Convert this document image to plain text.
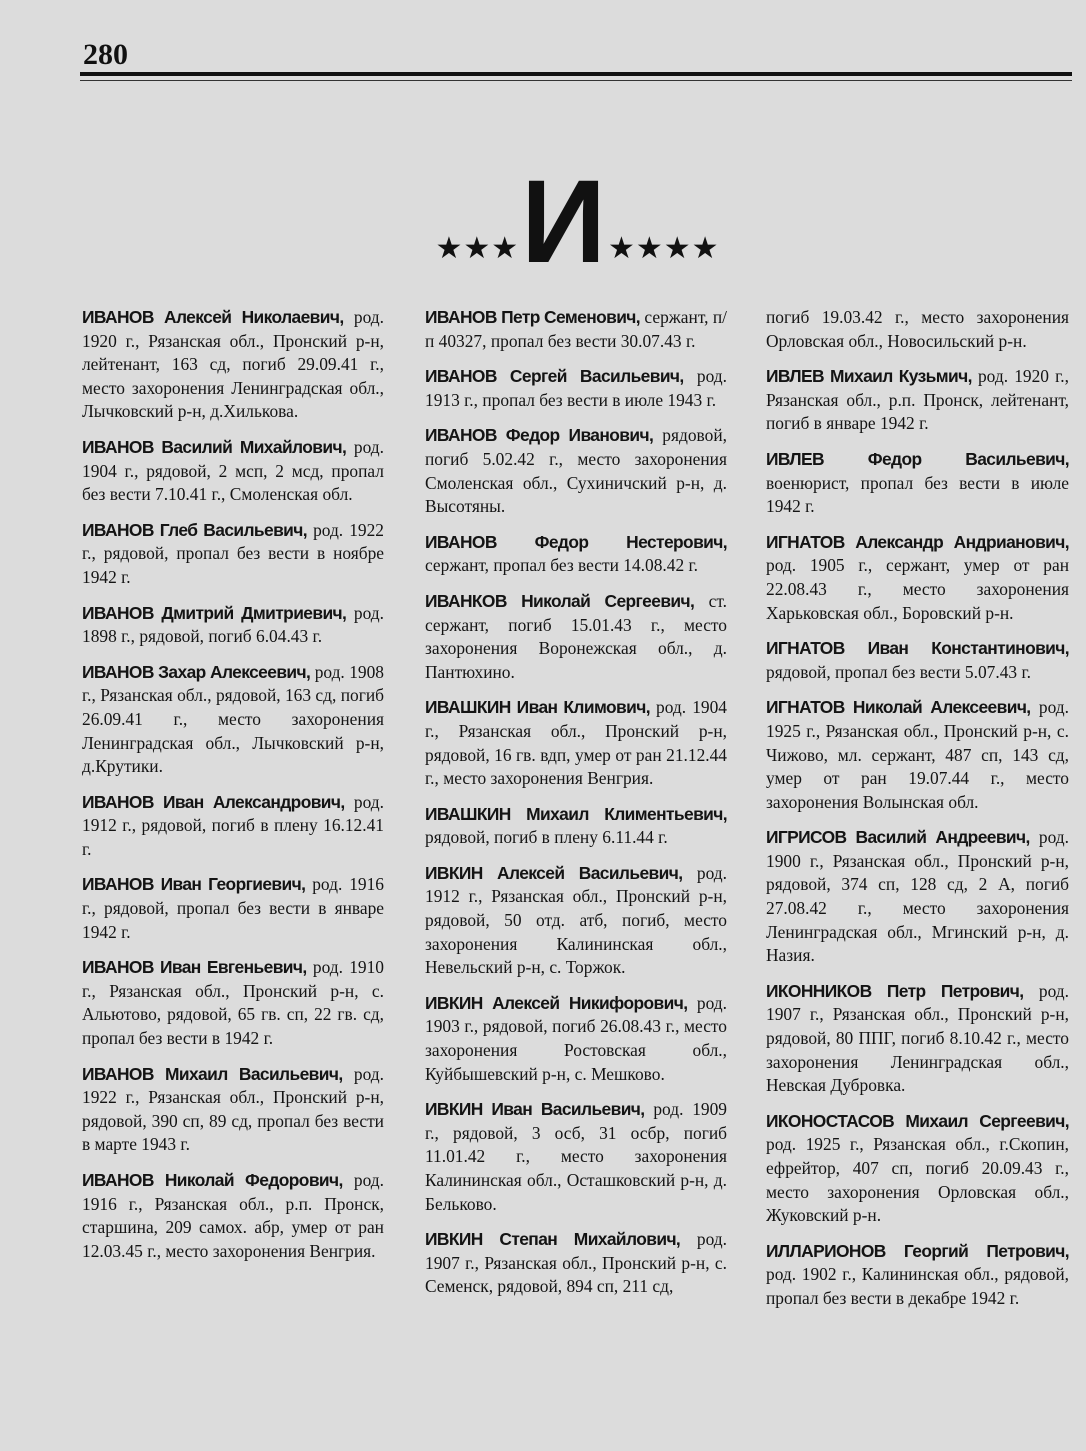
280
★★★ И ★★★★

ИВАНОВ Алексей Николаевич, род. 1920 г., Рязанская обл., Пронский р-н, лейтенант, 163 сд, погиб 29.09.41 г., место захоронения Ленинградская обл., Лычковский р-н, д.Хилькова.

ИВАНОВ Василий Михайлович, род. 1904 г., рядовой, 2 мсп, 2 мсд, пропал без вести 7.10.41 г., Смоленская обл.

ИВАНОВ Глеб Васильевич, род. 1922 г., рядовой, пропал без вести в ноябре 1942 г.

ИВАНОВ Дмитрий Дмитриевич, род. 1898 г., рядовой, погиб 6.04.43 г.

ИВАНОВ Захар Алексеевич, род. 1908 г., Рязанская обл., рядовой, 163 сд, погиб 26.09.41 г., место захоронения Ленинградская обл., Лычковский р-н, д.Крутики.

ИВАНОВ Иван Александрович, род. 1912 г., рядовой, погиб в плену 16.12.41 г.

ИВАНОВ Иван Георгиевич, род. 1916 г., рядовой, пропал без вести в январе 1942 г.

ИВАНОВ Иван Евгеньевич, род. 1910 г., Рязанская обл., Пронский р-н, с. Альютово, рядовой, 65 гв. сп, 22 гв. сд, пропал без вести в 1942 г.

ИВАНОВ Михаил Васильевич, род. 1922 г., Рязанская обл., Пронский р-н, рядовой, 390 сп, 89 сд, пропал без вести в марте 1943 г.

ИВАНОВ Николай Федорович, род. 1916 г., Рязанская обл., р.п. Пронск, старшина, 209 самох. абр, умер от ран 12.03.45 г., место захоронения Венгрия.

ИВАНОВ Петр Семенович, сержант, п/п 40327, пропал без вести 30.07.43 г.

ИВАНОВ Сергей Васильевич, род. 1913 г., пропал без вести в июле 1943 г.

ИВАНОВ Федор Иванович, рядовой, погиб 5.02.42 г., место захоронения Смоленская обл., Сухиничский р-н, д. Высотяны.

ИВАНОВ Федор Нестерович, сержант, пропал без вести 14.08.42 г.

ИВАНКОВ Николай Сергеевич, ст. сержант, погиб 15.01.43 г., место захоронения Воронежская обл., д. Пантюхино.

ИВАШКИН Иван Климович, род. 1904 г., Рязанская обл., Пронский р-н, рядовой, 16 гв. вдп, умер от ран 21.12.44 г., место захоронения Венгрия.

ИВАШКИН Михаил Климентьевич, рядовой, погиб в плену 6.11.44 г.

ИВКИН Алексей Васильевич, род. 1912 г., Рязанская обл., Пронский р-н, рядовой, 50 отд. атб, погиб, место захоронения Калининская обл., Невельский р-н, с. Торжок.

ИВКИН Алексей Никифорович, род. 1903 г., рядовой, погиб 26.08.43 г., место захоронения Ростовская обл., Куйбышевский р-н, с. Мешково.

ИВКИН Иван Васильевич, род. 1909 г., рядовой, 3 осб, 31 осбр, погиб 11.01.42 г., место захоронения Калининская обл., Осташковский р-н, д. Бельково.

ИВКИН Степан Михайлович, род. 1907 г., Рязанская обл., Пронский р-н, с. Семенск, рядовой, 894 сп, 211 сд,

погиб 19.03.42 г., место захоронения Орловская обл., Новосильский р-н.

ИВЛЕВ Михаил Кузьмич, род. 1920 г., Рязанская обл., р.п. Пронск, лейтенант, погиб в январе 1942 г.

ИВЛЕВ Федор Васильевич, военюрист, пропал без вести в июле 1942 г.

ИГНАТОВ Александр Андрианович, род. 1905 г., сержант, умер от ран 22.08.43 г., место захоронения Харьковская обл., Боровский р-н.

ИГНАТОВ Иван Константинович, рядовой, пропал без вести 5.07.43 г.

ИГНАТОВ Николай Алексеевич, род. 1925 г., Рязанская обл., Пронский р-н, с. Чижово, мл. сержант, 487 сп, 143 сд, умер от ран 19.07.44 г., место захоронения Волынская обл.

ИГРИСОВ Василий Андреевич, род. 1900 г., Рязанская обл., Пронский р-н, рядовой, 374 сп, 128 сд, 2 А, погиб 27.08.42 г., место захоронения Ленинградская обл., Мгинский р-н, д. Назия.

ИКОННИКОВ Петр Петрович, род. 1907 г., Рязанская обл., Пронский р-н, рядовой, 80 ППГ, погиб 8.10.42 г., место захоронения Ленинградская обл., Невская Дубровка.

ИКОНОСТАСОВ Михаил Сергеевич, род. 1925 г., Рязанская обл., г.Скопин, ефрейтор, 407 сп, погиб 20.09.43 г., место захоронения Орловская обл., Жуковский р-н.

ИЛЛАРИОНОВ Георгий Петрович, род. 1902 г., Калининская обл., рядовой, пропал без вести в декабре 1942 г.
